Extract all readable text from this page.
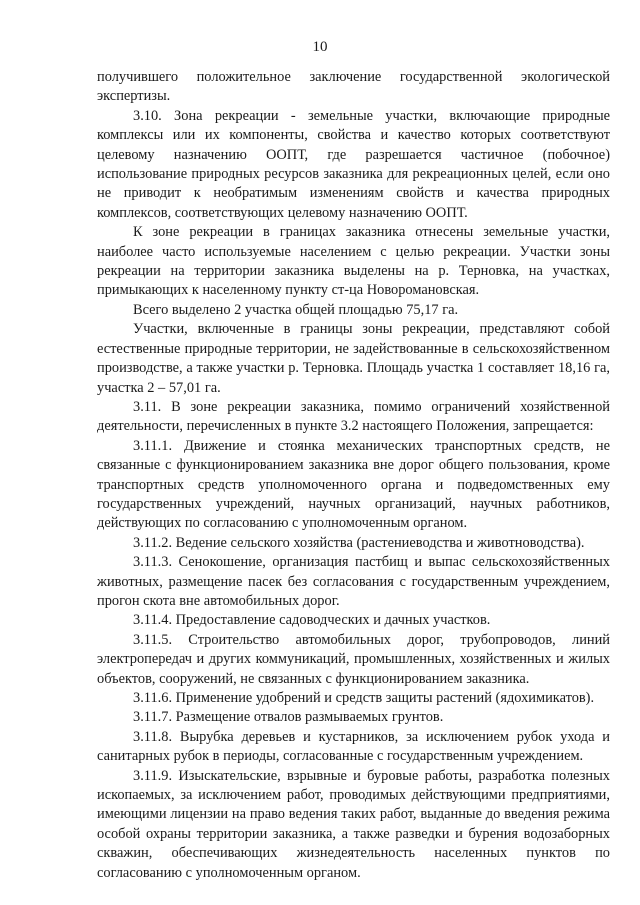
10

получившего положительное заключение государственной экологической экспертизы.

3.10. Зона рекреации - земельные участки, включающие природные комплексы или их компоненты, свойства и качество которых соответствуют целевому назначению ООПТ, где разрешается частичное (побочное) использование природных ресурсов заказника для рекреационных целей, если оно не приводит к необратимым изменениям свойств и качества природных комплексов, соответствующих целевому назначению ООПТ.

К зоне рекреации в границах заказника отнесены земельные участки, наиболее часто используемые населением с целью рекреации. Участки зоны рекреации на территории заказника выделены на р. Терновка, на участках, примыкающих к населенному пункту ст-ца Новоромановская.

Всего выделено 2 участка общей площадью 75,17 га.

Участки, включенные в границы зоны рекреации, представляют собой естественные природные территории, не задействованные в сельскохозяйственном производстве, а также участки р. Терновка. Площадь участка 1 составляет 18,16 га, участка 2 – 57,01 га.

3.11. В зоне рекреации заказника, помимо ограничений хозяйственной деятельности, перечисленных в пункте 3.2 настоящего Положения, запрещается:

3.11.1. Движение и стоянка механических транспортных средств, не связанные с функционированием заказника вне дорог общего пользования, кроме транспортных средств уполномоченного органа и подведомственных ему государственных учреждений, научных организаций, научных работников, действующих по согласованию с уполномоченным органом.

3.11.2. Ведение сельского хозяйства (растениеводства и животноводства).

3.11.3. Сенокошение, организация пастбищ и выпас сельскохозяйственных животных, размещение пасек без согласования с государственным учреждением, прогон скота вне автомобильных дорог.

3.11.4. Предоставление садоводческих и дачных участков.

3.11.5. Строительство автомобильных дорог, трубопроводов, линий электропередач и других коммуникаций, промышленных, хозяйственных и жилых объектов, сооружений, не связанных с функционированием заказника.

3.11.6. Применение удобрений и средств защиты растений (ядохимикатов).

3.11.7. Размещение отвалов размываемых грунтов.

3.11.8. Вырубка деревьев и кустарников, за исключением рубок ухода и санитарных рубок в периоды, согласованные с государственным учреждением.

3.11.9. Изыскательские, взрывные и буровые работы, разработка полезных ископаемых, за исключением работ, проводимых действующими предприятиями, имеющими лицензии на право ведения таких работ, выданные до введения режима особой охраны территории заказника, а также разведки и бурения водозаборных скважин, обеспечивающих жизнедеятельность населенных пунктов по согласованию с уполномоченным органом.
